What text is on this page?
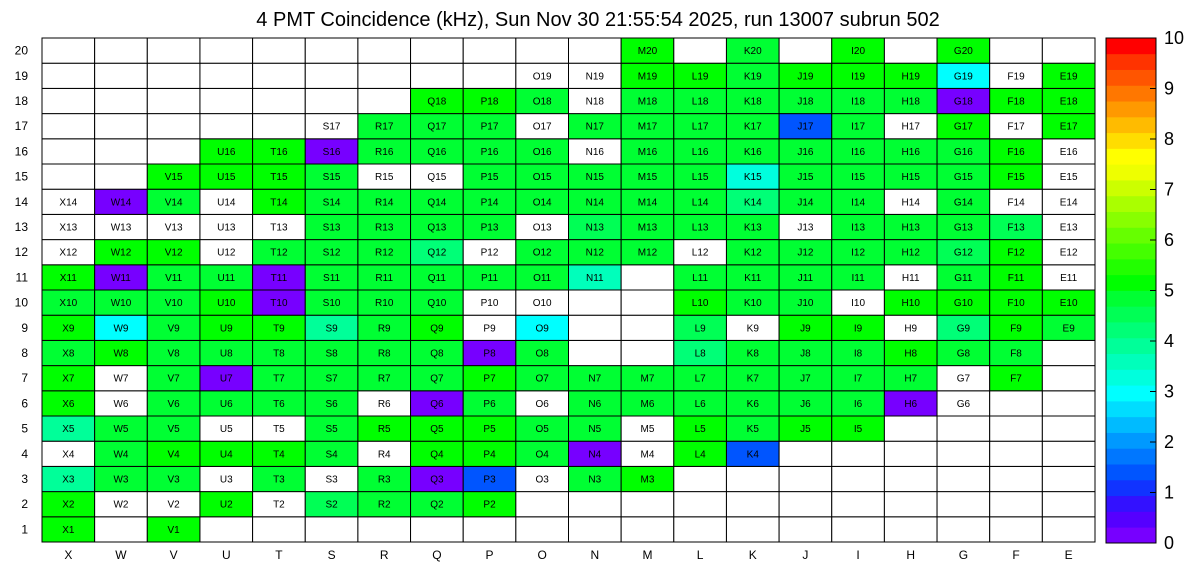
4 PMT Coincidence (kHz), Sun Nov 30 21:55:54 2025, run 13007 subrun 502
X1	V1
X2	W2	V2	U2	T2	S2	R2	Q2	P2
X3	W3	V3	U3	T3	S3	R3	Q3	P3	O3	N3	M3
X4	W4	V4	U4	T4	S4	R4	Q4	P4	O4	N4	M4	L4	K4
X5	W5	V5	U5	T5	S5	R5	Q5	P5	O5	N5	M5	L5	K5	J5	I5
X6	W6	V6	U6	T6	S6	R6	Q6	P6	O6	N6	M6	L6	K6	J6	I6	H6	G6
X7	W7	V7	U7	T7	S7	R7	Q7	P7	O7	N7	M7	L7	K7	J7	I7	H7	G7	F7
X8	W8	V8	U8	T8	S8	R8	Q8	P8	O8	L8	K8	J8	I8	H8	G8	F8
X9	W9	V9	U9	T9	S9	R9	Q9	P9	O9	L9	K9	J9	I9	H9	G9	F9	E9
X10	W10	V10	U10	T10	S10	R10	Q10	P10	O10	L10	K10	J10	I10	H10	G10	F10	E10
X11	W11	V11	U11	T11	S11	R11	Q11	P11	O11	N11	L11	K11	J11	I11	H11	G11	F11	E11
X12	W12	V12	U12	T12	S12	R12	Q12	P12	O12	N12	M12	L12	K12	J12	I12	H12	G12	F12	E12
X13	W13	V13	U13	T13	S13	R13	Q13	P13	O13	N13	M13	L13	K13	J13	I13	H13	G13	F13	E13
X14	W14	V14	U14	T14	S14	R14	Q14	P14	O14	N14	M14	L14	K14	J14	I14	H14	G14	F14	E14
V15	U15	T15	S15	R15	Q15	P15	O15	N15	M15	L15	K15	J15	I15	H15	G15	F15	E15
U16	T16	S16	R16	Q16	P16	O16	N16	M16	L16	K16	J16	I16	H16	G16	F16	E16
S17	R17	Q17	P17	O17	N17	M17	L17	K17	J17	I17	H17	G17	F17	E17
Q18	P18	O18	N18	M18	L18	K18	J18	I18	H18	G18	F18	E18
O19	N19	M19	L19	K19	J19	I19	H19	G19	F19	E19
M20	K20	I20	G20
X	W	V	U	T	S	R	Q	P	O	N	M	L	K	J	I	H	G	F	E
1
2
3
4
5
6
7
8
9
10
11
12
13
14
15
16
17
18
19
20
0
1
2
3
4
5
6
7
8
9
10
